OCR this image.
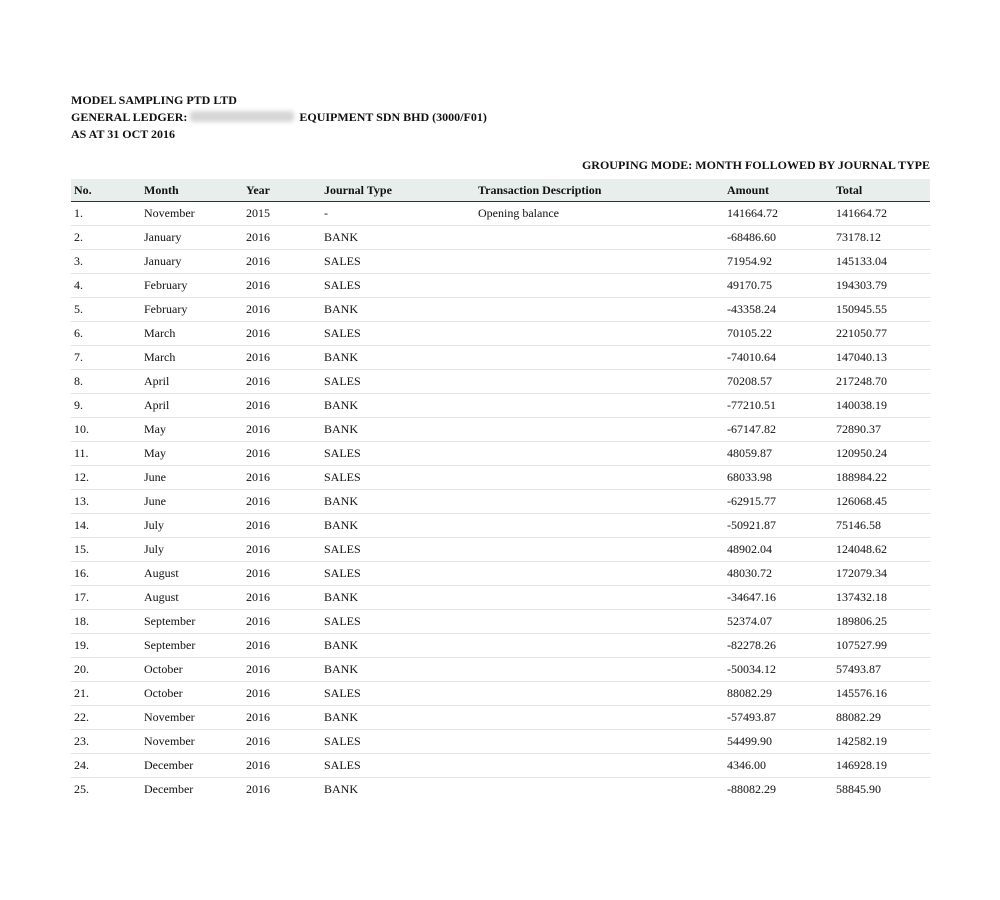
MODEL SAMPLING PTD LTD
GENERAL LEDGER:	EQUIPMENT SDN BHD (3000/F01)
AS AT 31 OCT 2016
GROUPING MODE: MONTH FOLLOWED BY JOURNAL TYPE
No.	Month	Year	Journal Type	Transaction Description	Amount	Total
1.	November	2015	-	Opening balance	141664.72	141664.72
2.	January	2016	BANK		-68486.60	73178.12
3.	January	2016	SALES		71954.92	145133.04
4.	February	2016	SALES		49170.75	194303.79
5.	February	2016	BANK		-43358.24	150945.55
6.	March	2016	SALES		70105.22	221050.77
7.	March	2016	BANK		-74010.64	147040.13
8.	April	2016	SALES		70208.57	217248.70
9.	April	2016	BANK		-77210.51	140038.19
10.	May	2016	BANK		-67147.82	72890.37
11.	May	2016	SALES		48059.87	120950.24
12.	June	2016	SALES		68033.98	188984.22
13.	June	2016	BANK		-62915.77	126068.45
14.	July	2016	BANK		-50921.87	75146.58
15.	July	2016	SALES		48902.04	124048.62
16.	August	2016	SALES		48030.72	172079.34
17.	August	2016	BANK		-34647.16	137432.18
18.	September	2016	SALES		52374.07	189806.25
19.	September	2016	BANK		-82278.26	107527.99
20.	October	2016	BANK		-50034.12	57493.87
21.	October	2016	SALES		88082.29	145576.16
22.	November	2016	BANK		-57493.87	88082.29
23.	November	2016	SALES		54499.90	142582.19
24.	December	2016	SALES		4346.00	146928.19
25.	December	2016	BANK		-88082.29	58845.90
